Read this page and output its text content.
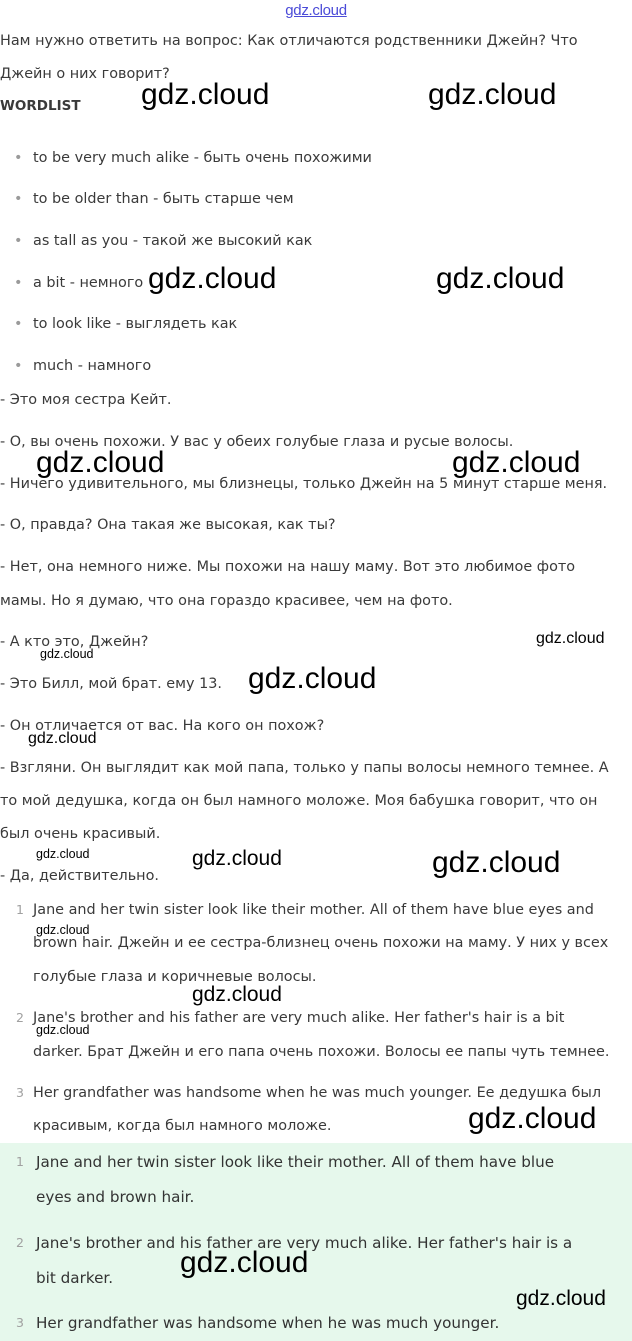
gdz.cloud
Нам нужно ответить на вопрос: Как отличаются родственники Джейн? Что
Джейн о них говорит?
WORDLIST
• to be very much alike - быть очень похожими
• to be older than - быть старше чем
• as tall as you - такой же высокий как
• a bit - немного
• to look like - выглядеть как
• much - намного
- Это моя сестра Кейт.
- О, вы очень похожи. У вас у обеих голубые глаза и русые волосы.
- Ничего удивительного, мы близнецы, только Джейн на 5 минут старше меня.
- О, правда? Она такая же высокая, как ты?
- Нет, она немного ниже. Мы похожи на нашу маму. Вот это любимое фото
мамы. Но я думаю, что она гораздо красивее, чем на фото.
- А кто это, Джейн?
- Это Билл, мой брат. ему 13.
- Он отличается от вас. На кого он похож?
- Взгляни. Он выглядит как мой папа, только у папы волосы немного темнее. А
то мой дедушка, когда он был намного моложе. Моя бабушка говорит, что он
был очень красивый.
- Да, действительно.
1 Jane and her twin sister look like their mother. All of them have blue eyes and
brown hair. Джейн и ее сестра-близнец очень похожи на маму. У них у всех
голубые глаза и коричневые волосы.
2 Jane's brother and his father are very much alike. Her father's hair is a bit
darker. Брат Джейн и его папа очень похожи. Волосы ее папы чуть темнее.
3 Her grandfather was handsome when he was much younger. Ее дедушка был
красивым, когда был намного моложе.
1 Jane and her twin sister look like their mother. All of them have blue
eyes and brown hair.
2 Jane's brother and his father are very much alike. Her father's hair is a
bit darker.
3 Her grandfather was handsome when he was much younger.
gdz.cloud	gdz.cloud
gdz.cloud	gdz.cloud
gdz.cloud	gdz.cloud
gdz.cloud
gdz.cloud
gdz.cloud
gdz.cloud
gdz.cloud	gdz.cloud	gdz.cloud
gdz.cloud
gdz.cloud
gdz.cloud
gdz.cloud
gdz.cloud
gdz.cloud
